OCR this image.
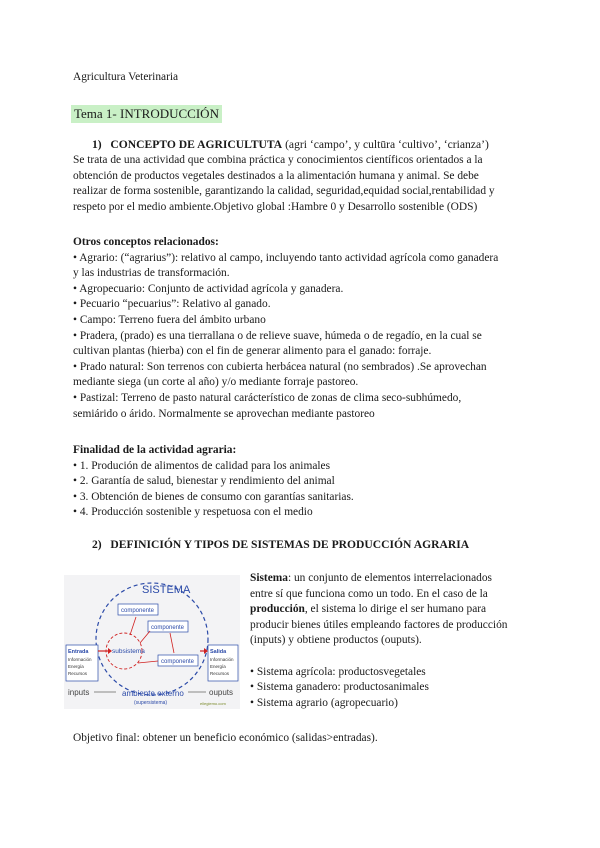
Agricultura Veterinaria
Tema 1- INTRODUCCIÓN
1) CONCEPTO DE AGRICULTUTA (agri ‘campo’, y cultūra ‘cultivo’, ‘crianza’)
Se trata de una actividad que combina práctica y conocimientos científicos orientados a la
obtención de productos vegetales destinados a la alimentación humana y animal. Se debe
realizar de forma sostenible, garantizando la calidad, seguridad,equidad social,rentabilidad y
respeto por el medio ambiente.Objetivo global :Hambre 0 y Desarrollo sostenible (ODS)
Otros conceptos relacionados:
• Agrario: (“agrarius”): relativo al campo, incluyendo tanto actividad agrícola como ganadera
y las industrias de transformación.
• Agropecuario: Conjunto de actividad agrícola y ganadera.
• Pecuario “pecuarius”: Relativo al ganado.
• Campo: Terreno fuera del ámbito urbano
• Pradera, (prado) es una tierrallana o de relieve suave, húmeda o de regadío, en la cual se
cultivan plantas (hierba) con el fin de generar alimento para el ganado: forraje.
• Prado natural: Son terrenos con cubierta herbácea natural (no sembrados) .Se aprovechan
mediante siega (un corte al año) y/o mediante forraje pastoreo.
• Pastizal: Terreno de pasto natural carácterístico de zonas de clima seco-subhúmedo,
semiárido o árido. Normalmente se aprovechan mediante pastoreo
Finalidad de la actividad agraria:
• 1. Produción de alimentos de calidad para los animales
• 2. Garantía de salud, bienestar y rendimiento del animal
• 3. Obtención de bienes de consumo con garantías sanitarias.
• 4. Producción sostenible y respetuosa con el medio
2) DEFINICIÓN Y TIPOS DE SISTEMAS DE PRODUCCIÓN AGRARIA
SISTEMA
componente
componente
componente
subsistema
Entrada
Información
Energía
Recursos
Salida
Información
Energía
Recursos
inputs	ouputs
ambiente externo
(supersistema)	ellegiemo.com
Sistema: un conjunto de elementos interrelacionados
entre sí que funciona como un todo. En el caso de la
producción, el sistema lo dirige el ser humano para
producir bienes útiles empleando factores de producción
(inputs) y obtiene productos (ouputs).
• Sistema agrícola: productosvegetales
• Sistema ganadero: productosanimales
• Sistema agrario (agropecuario)
Objetivo final: obtener un beneficio económico (salidas>entradas).
